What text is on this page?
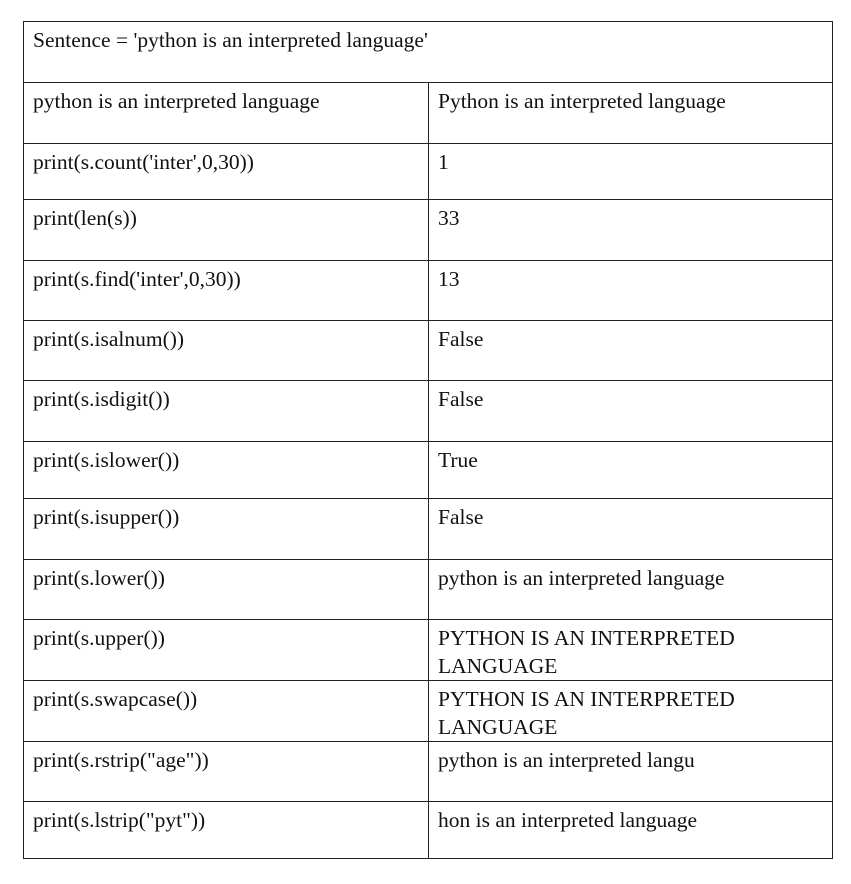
Sentence = 'python is an interpreted language'	
python is an interpreted language	Python is an interpreted language
print(s.count('inter',0,30))	1
print(len(s))	33
print(s.find('inter',0,30))	13
print(s.isalnum())	False
print(s.isdigit())	False
print(s.islower())	True
print(s.isupper())	False
print(s.lower())	python is an interpreted language
print(s.upper())	PYTHON IS AN INTERPRETED LANGUAGE
print(s.swapcase())	PYTHON IS AN INTERPRETED LANGUAGE
print(s.rstrip("age"))	python is an interpreted langu
print(s.lstrip("pyt"))	hon is an interpreted language
